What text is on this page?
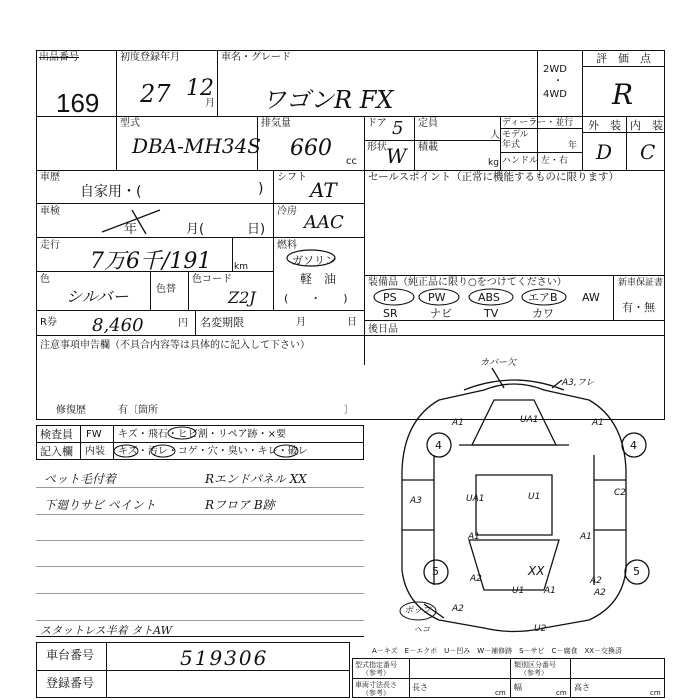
出品番号
169
初度登録年月
27 12
月
車名・グレード
ワゴンR FX
2WD
・
4WD
評　価　点
R
型式
DBA-MH34S
排気量
660
cc
ドア 5
形状 W
定員
人
積載
kg
ディーラー・並行
モデル年式	年
ハンドル 左・右
外　装 内　装
D C
車歴
自家用・(	)
シフト
AT
車検
年	月(	日)
冷房
AAC
走行
7万6千/191	km
燃料
ガソリン
軽　油
(　　・　　)
色
シルバー	色替
色コード
Z2J
R券 8,460	円 名変期限	月	日
セールスポイント（正常に機能するものに限ります）
装備品（純正品に限り○をつけてください）	新車保証書
有・無
PS	PW	ABS	エアB AW
SR	ナビ	TV	カワ
後日品
注意事項申告欄（不具合内容等は具体的に記入して下さい）
修復歴	有〔箇所	〕
検査員 FW キズ・飛石・ヒビ割・リペア跡・×要
記入欄 内装 キズ・汚レ・コゲ・穴・臭い・キレ・破レ
ペット毛付着	Rエンドパネル XX
下廻りサビ ペイント	Rフロア B跡
スタットレス半着 タトAW
カバー欠
A3,フレ
UA1
A1	A1
U1
UA1
A3
A1	A1
C2
A2
XX
A2
U1 A1	A2
A2
U2
4	4
5	5
ポップ
ヘコ
A－キズ　E－エクボ　U－凹み　W－補修跡　S－サビ　C－腐食　XX－交換済
車台番号	519306
登録番号
型式指定番号
（参考）
類別区分番号
（参考）
車両寸法長さ
（参考）
長さ
cm
幅
cm
高さ
cm
